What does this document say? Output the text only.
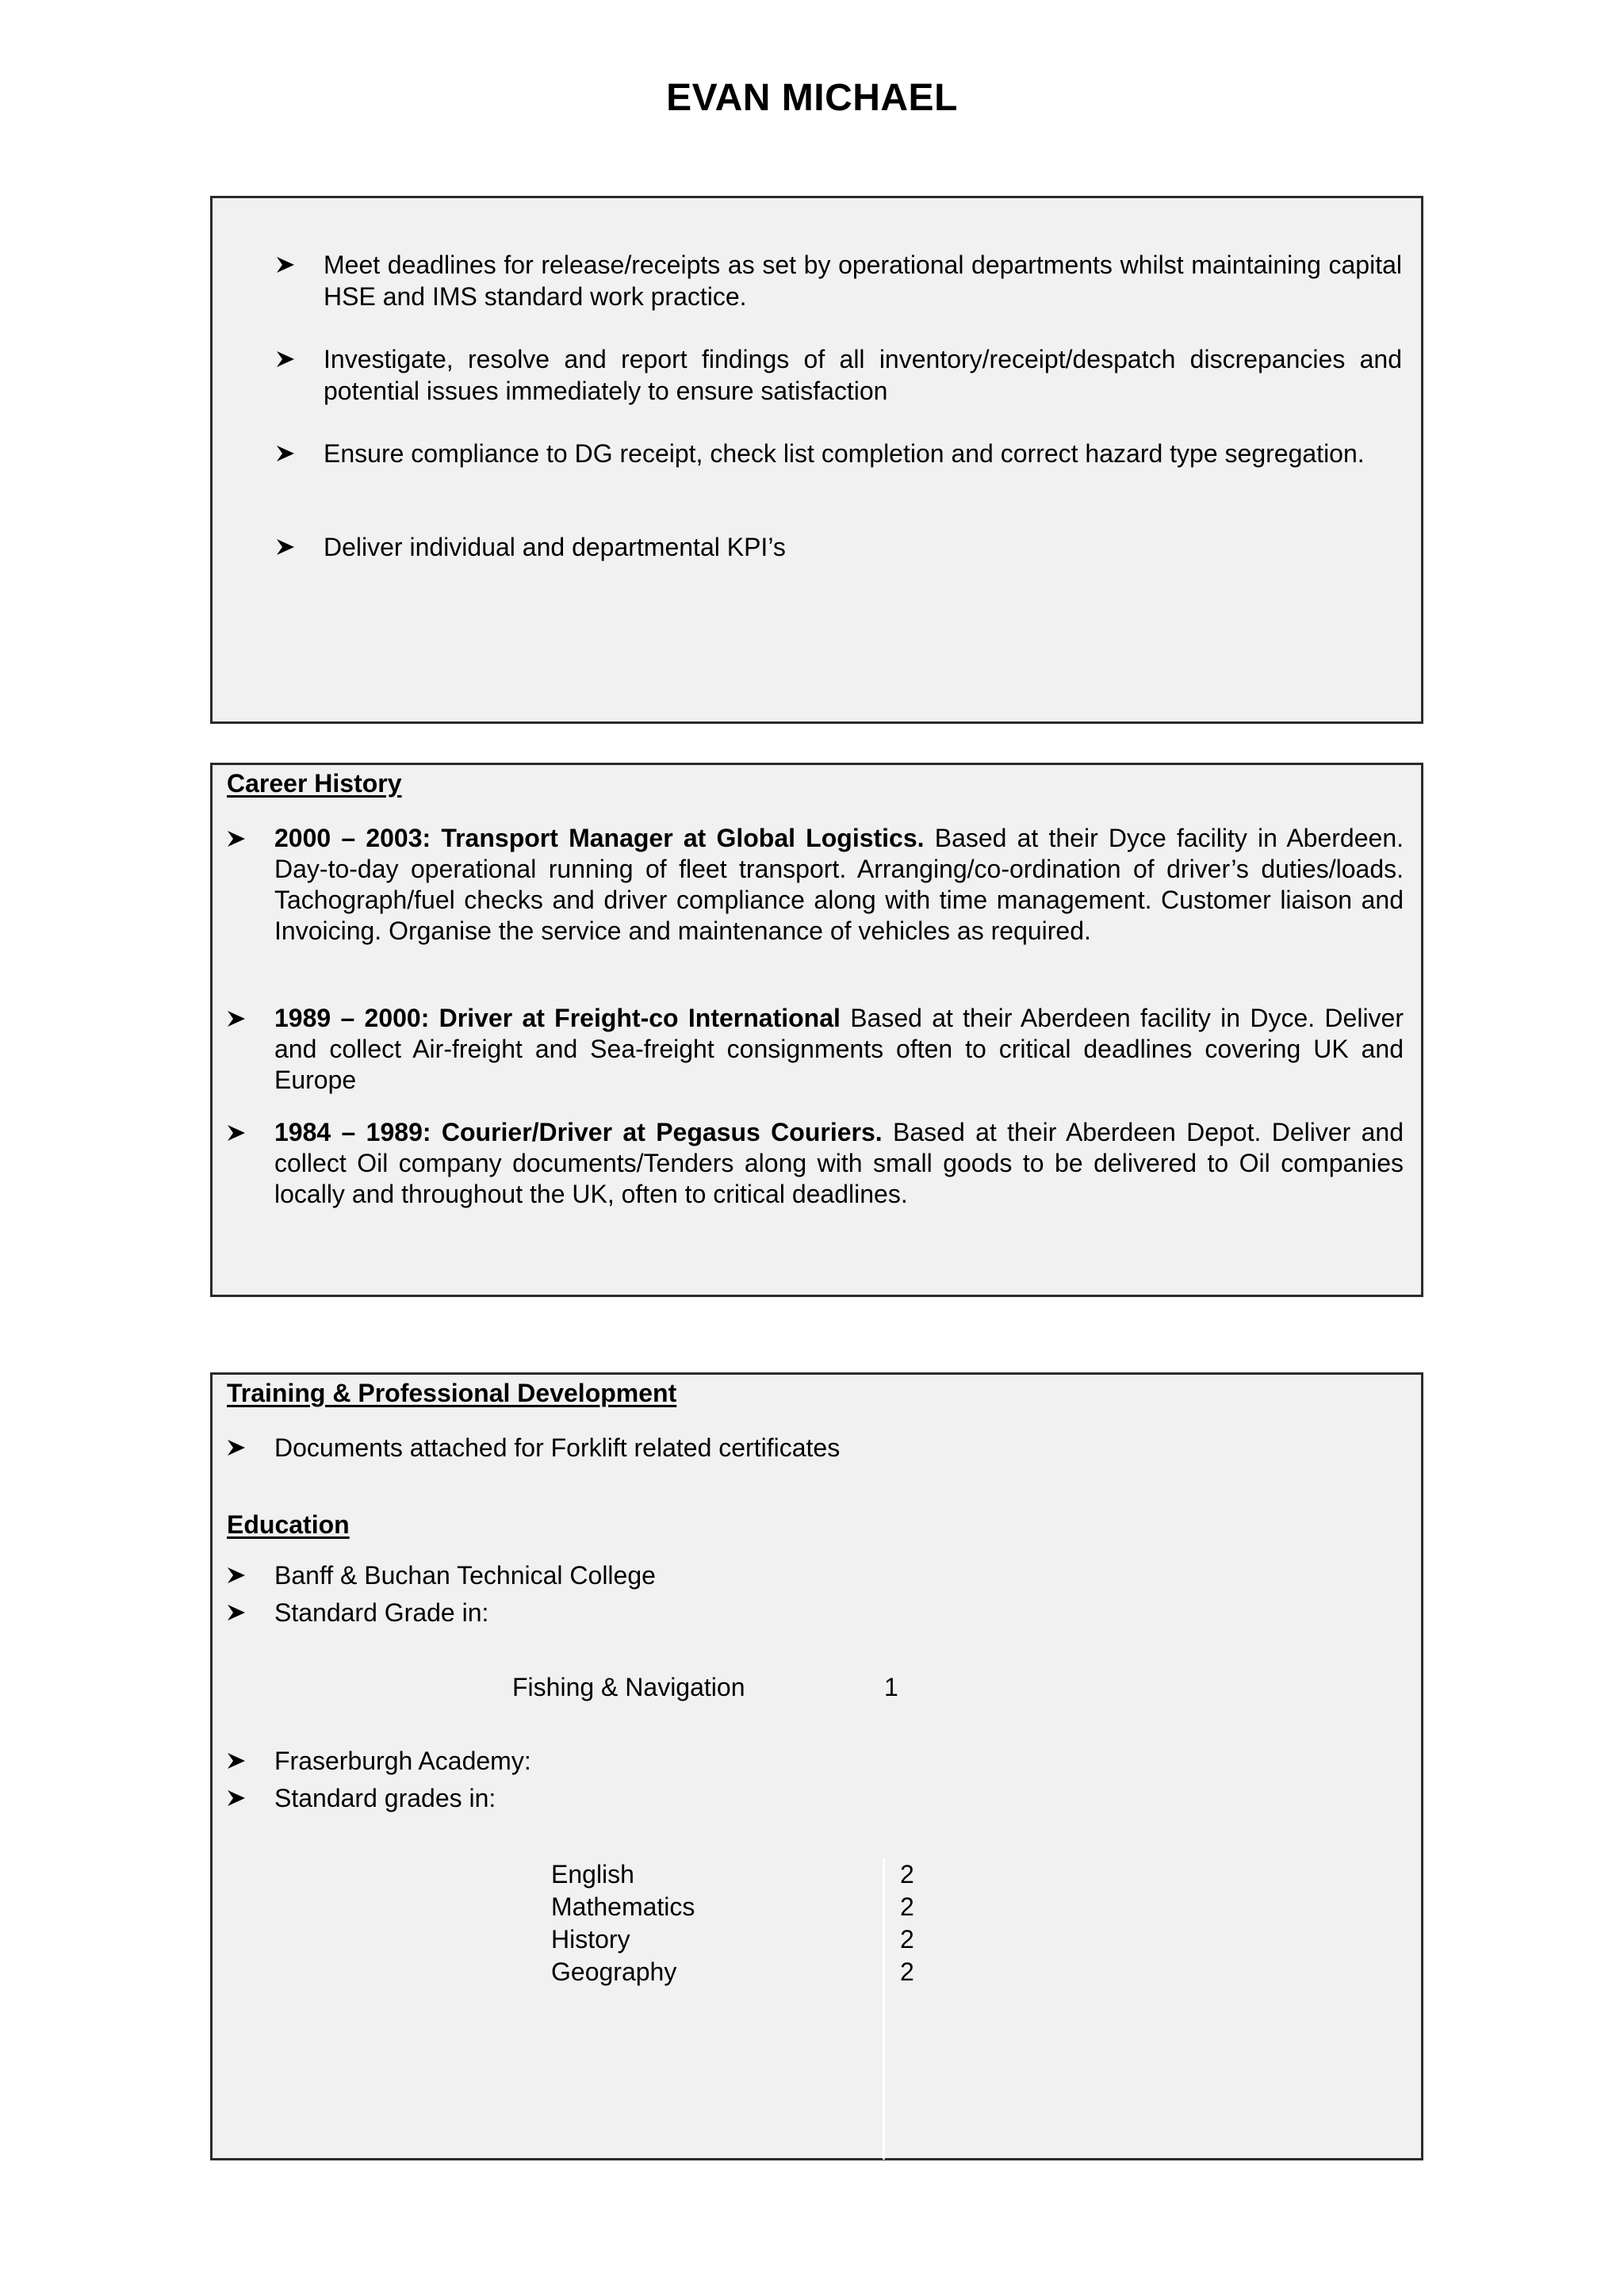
EVAN MICHAEL
Meet deadlines for release/receipts as set by operational departments whilst maintaining capital HSE and IMS standard work practice.
Investigate, resolve and report findings of all inventory/receipt/despatch discrepancies and potential issues immediately to ensure satisfaction
Ensure compliance to DG receipt, check list completion and correct hazard type segregation.
Deliver individual and departmental KPI’s
Career History
2000 – 2003: Transport Manager at Global Logistics. Based at their Dyce facility in Aberdeen. Day-to-day operational running of fleet transport. Arranging/co-ordination of driver’s duties/loads. Tachograph/fuel checks and driver compliance along with time management. Customer liaison and Invoicing. Organise the service and maintenance of vehicles as required.
1989 – 2000: Driver at Freight-co International Based at their Aberdeen facility in Dyce. Deliver and collect Air-freight and Sea-freight consignments often to critical deadlines covering UK and Europe
1984 – 1989: Courier/Driver at Pegasus Couriers. Based at their Aberdeen Depot. Deliver and collect Oil company documents/Tenders along with small goods to be delivered to Oil companies locally and throughout the UK, often to critical deadlines.
Training & Professional Development
Documents attached for Forklift related certificates
Education
Banff & Buchan Technical College
Standard Grade in:
Fishing & Navigation	1
Fraserburgh Academy:
Standard grades in:
English	2
Mathematics	2
History	2
Geography	2
